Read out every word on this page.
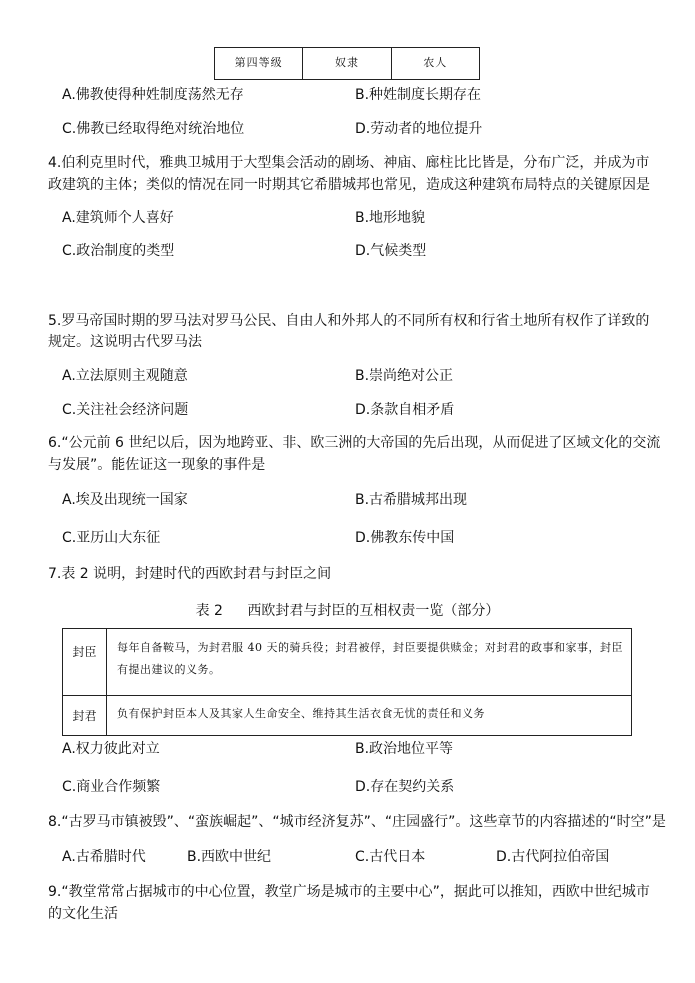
第四等级	奴隶	农人
A.佛教使得种姓制度荡然无存	B.种姓制度长期存在
C.佛教已经取得绝对统治地位	D.劳动者的地位提升
4.伯利克里时代，雅典卫城用于大型集会活动的剧场、神庙、廊柱比比皆是，分布广泛，并成为市
政建筑的主体；类似的情况在同一时期其它希腊城邦也常见，造成这种建筑布局特点的关键原因是
A.建筑师个人喜好	B.地形地貌
C.政治制度的类型	D.气候类型
5.罗马帝国时期的罗马法对罗马公民、自由人和外邦人的不同所有权和行省土地所有权作了详致的
规定。这说明古代罗马法
A.立法原则主观随意	B.崇尚绝对公正
C.关注社会经济问题	D.条款自相矛盾
6.“公元前 6 世纪以后，因为地跨亚、非、欧三洲的大帝国的先后出现，从而促进了区域文化的交流
与发展”。能佐证这一现象的事件是
A.埃及出现统一国家	B.古希腊城邦出现
C.亚历山大东征	D.佛教东传中国
7.表 2 说明，封建时代的西欧封君与封臣之间
表 2 西欧封君与封臣的互相权责一览（部分）
封臣	每年自备鞍马，为封君服 40 天的骑兵役；封君被俘，封臣要提供赎金；对封君的政事和家事，封臣有提出建议的义务。
封君	负有保护封臣本人及其家人生命安全、维持其生活衣食无忧的责任和义务
A.权力彼此对立	B.政治地位平等
C.商业合作频繁	D.存在契约关系
8.“古罗马市镇被毁”、“蛮族崛起”、“城市经济复苏”、“庄园盛行”。这些章节的内容描述的“时空”是
A.古希腊时代	B.西欧中世纪	C.古代日本	D.古代阿拉伯帝国
9.“教堂常常占据城市的中心位置，教堂广场是城市的主要中心”，据此可以推知，西欧中世纪城市
的文化生活
